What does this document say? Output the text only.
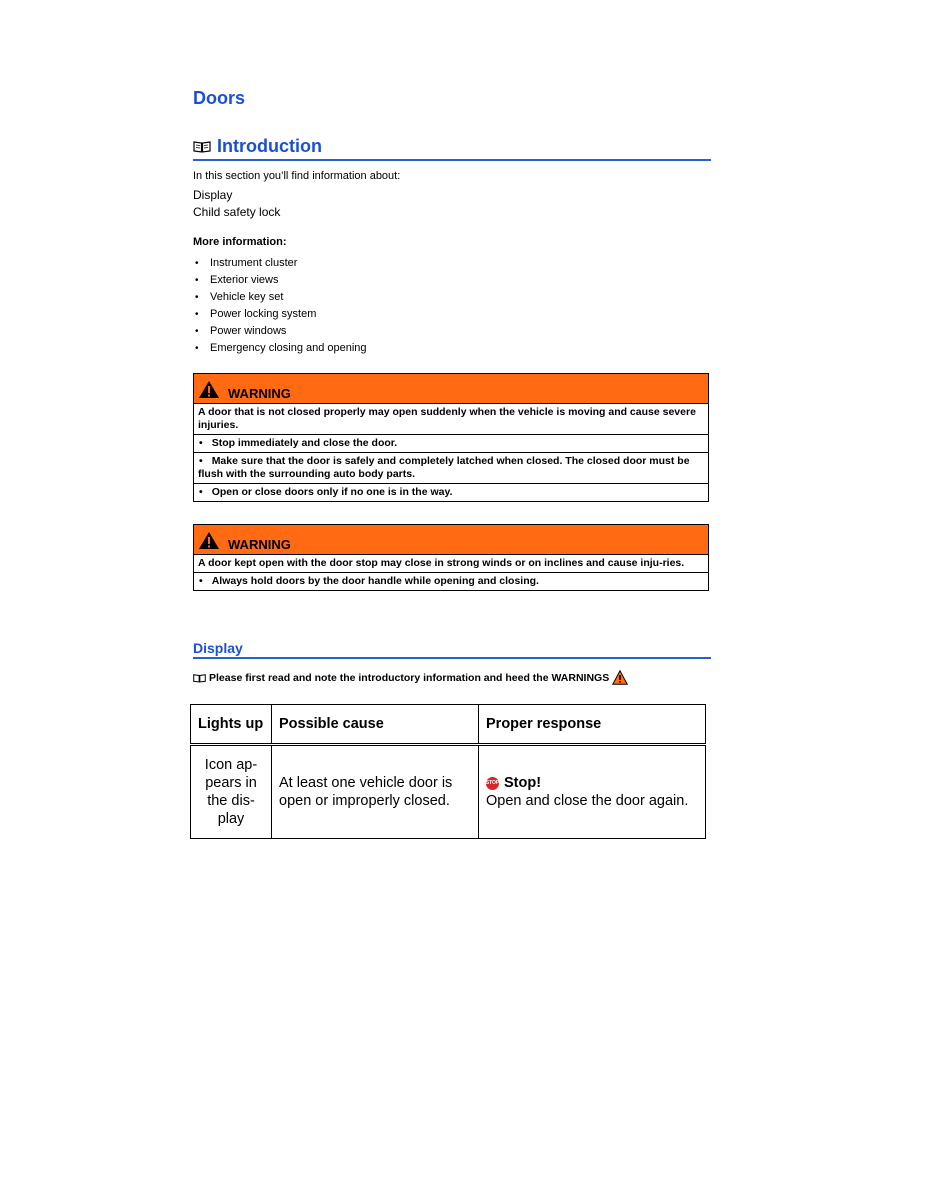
Doors
Introduction
In this section you’ll find information about:
Display
Child safety lock
More information:
• Instrument cluster
• Exterior views
• Vehicle key set
• Power locking system
• Power windows
• Emergency closing and opening
WARNING
A door that is not closed properly may open suddenly when the vehicle is moving and cause severe injuries.
• Stop immediately and close the door.
• Make sure that the door is safely and completely latched when closed. The closed door must be flush with the surrounding auto body parts.
• Open or close doors only if no one is in the way.
WARNING
A door kept open with the door stop may close in strong winds or on inclines and cause inju-ries.
• Always hold doors by the door handle while opening and closing.
Display
Please first read and note the introductory information and heed the WARNINGS
Lights up	Possible cause	Proper response
Icon ap-pears in the dis-play	At least one vehicle door is open or improperly closed.	STOP Stop!
Open and close the door again.
